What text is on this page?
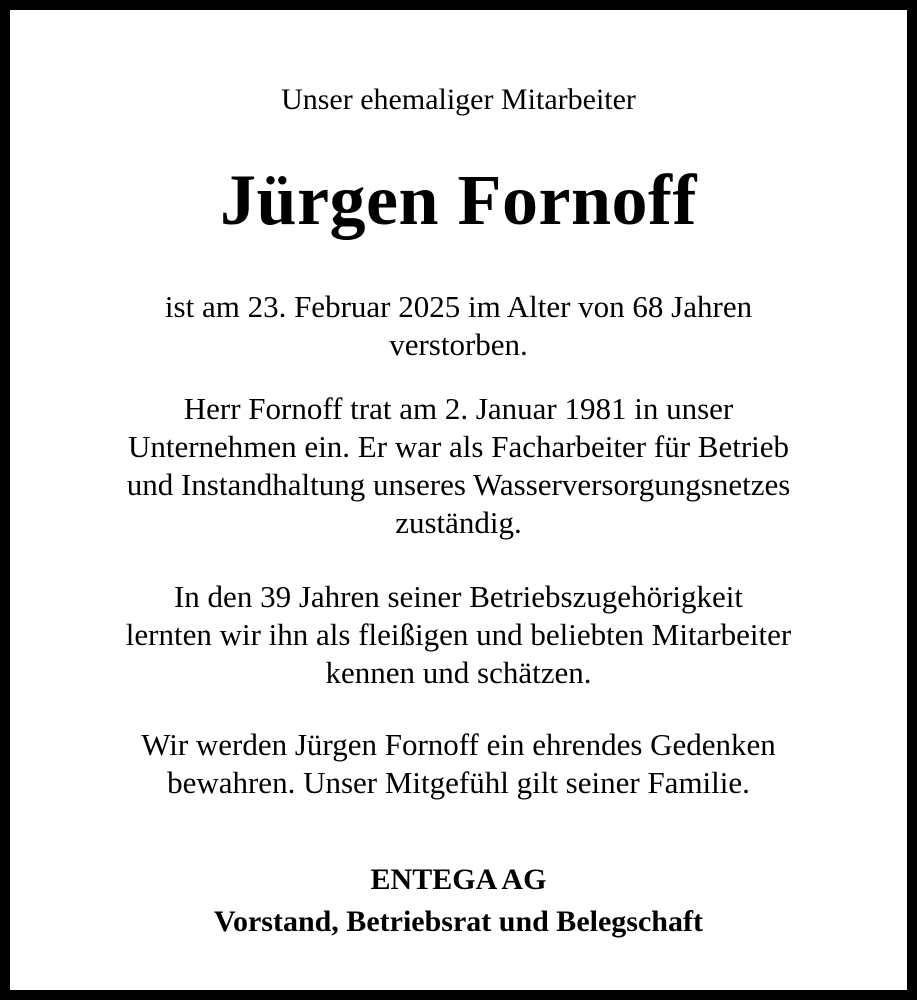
Unser ehemaliger Mitarbeiter

Jürgen Fornoff

ist am 23. Februar 2025 im Alter von 68 Jahren
verstorben.

Herr Fornoff trat am 2. Januar 1981 in unser
Unternehmen ein. Er war als Facharbeiter für Betrieb
und Instandhaltung unseres Wasserversorgungsnetzes
zuständig.

In den 39 Jahren seiner Betriebszugehörigkeit
lernten wir ihn als fleißigen und beliebten Mitarbeiter
kennen und schätzen.

Wir werden Jürgen Fornoff ein ehrendes Gedenken
bewahren. Unser Mitgefühl gilt seiner Familie.

ENTEGA AG

Vorstand, Betriebsrat und Belegschaft
